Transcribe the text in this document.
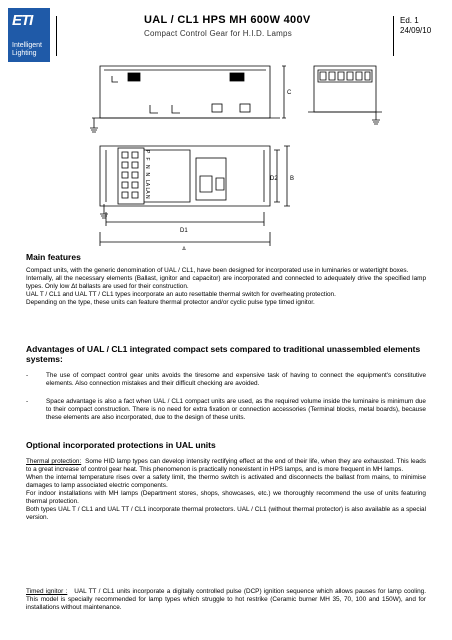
ETI
Intelligent
Lighting
UAL / CL1 HPS MH 600W 400V
Compact Control Gear for H.I.D. Lamps
Ed. 1
24/09/10
C
D2 B
D1
A
P
F
N
N
LA
LA
N
Main features

Compact units, with the generic denomination of UAL / CL1, have been designed for incorporated use in luminaries or watertight boxes.

Internally, all the necessary elements (Ballast, ignitor and capacitor) are incorporated and connected to adequately drive the specified lamp types. Only low Δt ballasts are used for their construction.

UAL T / CL1 and UAL TT / CL1 types incorporate an auto resettable thermal switch for overheating protection.

Depending on the type, these units can feature thermal protector and/or cyclic pulse type timed ignitor.

Advantages of UAL / CL1 integrated compact sets compared to traditional unassembled elements systems:
-	The use of compact control gear units avoids the tiresome and expensive task of having to connect the equipment's constitutive elements. Also connection mistakes and their difficult checking are avoided.
-	Space advantage is also a fact when UAL / CL1 compact units are used, as the required volume inside the luminaire is minimum due to their compact construction. There is no need for extra fixation or connection accessories (Terminal blocks, metal boards), because these elements are also incorporated, due to the design of these units.
Optional incorporated protections in UAL units

Thermal protection: Some HID lamp types can develop intensity rectifying effect at the end of their life, when they are exhausted. This leads to a great increase of control gear heat. This phenomenon is practically nonexistent in HPS lamps, and is more frequent in MH lamps.

When the internal temperature rises over a safety limit, the thermo switch is activated and disconnects the ballast from mains, to minimise damages to lamp associated electric components.

For indoor installations with MH lamps (Department stores, shops, showcases, etc.) we thoroughly recommend the use of units featuring thermal protection.

Both types UAL T / CL1 and UAL TT / CL1 incorporate thermal protectors. UAL / CL1 (without thermal protector) is also available as a special version.

Timed ignitor : UAL TT / CL1 units incorporate a digitally controlled pulse (DCP) ignition sequence which allows pauses for lamp cooling. This model is specially recommended for lamp types which struggle to hot restrike (Ceramic burner MH 35, 70, 100 and 150W), and for installations without maintenance.
